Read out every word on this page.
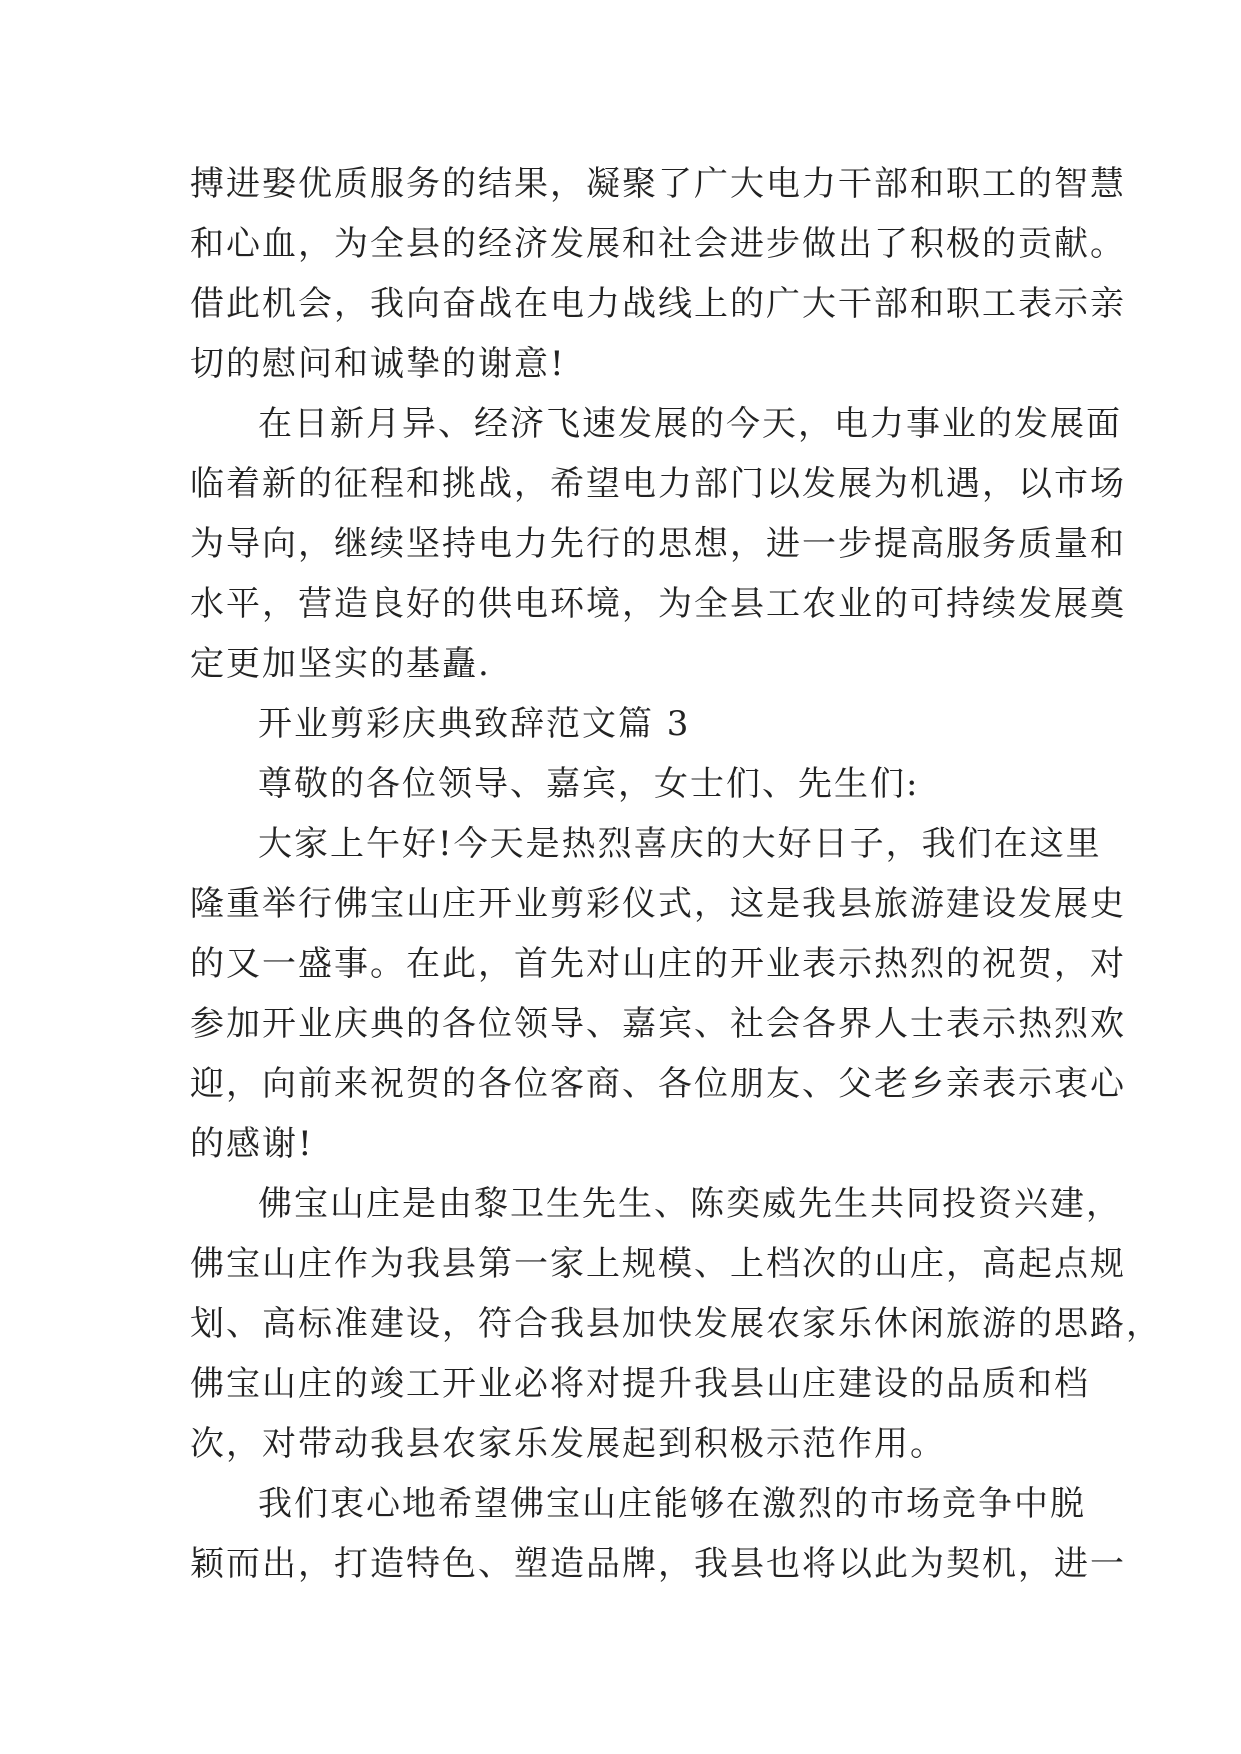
搏进娶优质服务的结果，凝聚了广大电力干部和职工的智慧
和心血，为全县的经济发展和社会进步做出了积极的贡献。
借此机会，我向奋战在电力战线上的广大干部和职工表示亲
切的慰问和诚挚的谢意!
在日新月异、经济飞速发展的今天，电力事业的发展面
临着新的征程和挑战，希望电力部门以发展为机遇，以市场
为导向，继续坚持电力先行的思想，进一步提高服务质量和
水平，营造良好的供电环境，为全县工农业的可持续发展奠
定更加坚实的基矗.
开业剪彩庆典致辞范文篇 3
尊敬的各位领导、嘉宾，女士们、先生们:
大家上午好!今天是热烈喜庆的大好日子，我们在这里
隆重举行佛宝山庄开业剪彩仪式，这是我县旅游建设发展史
的又一盛事。在此，首先对山庄的开业表示热烈的祝贺，对
参加开业庆典的各位领导、嘉宾、社会各界人士表示热烈欢
迎，向前来祝贺的各位客商、各位朋友、父老乡亲表示衷心
的感谢!
佛宝山庄是由黎卫生先生、陈奕威先生共同投资兴建，
佛宝山庄作为我县第一家上规模、上档次的山庄，高起点规
划、高标准建设，符合我县加快发展农家乐休闲旅游的思路，
佛宝山庄的竣工开业必将对提升我县山庄建设的品质和档
次，对带动我县农家乐发展起到积极示范作用。
我们衷心地希望佛宝山庄能够在激烈的市场竞争中脱
颖而出，打造特色、塑造品牌，我县也将以此为契机，进一
